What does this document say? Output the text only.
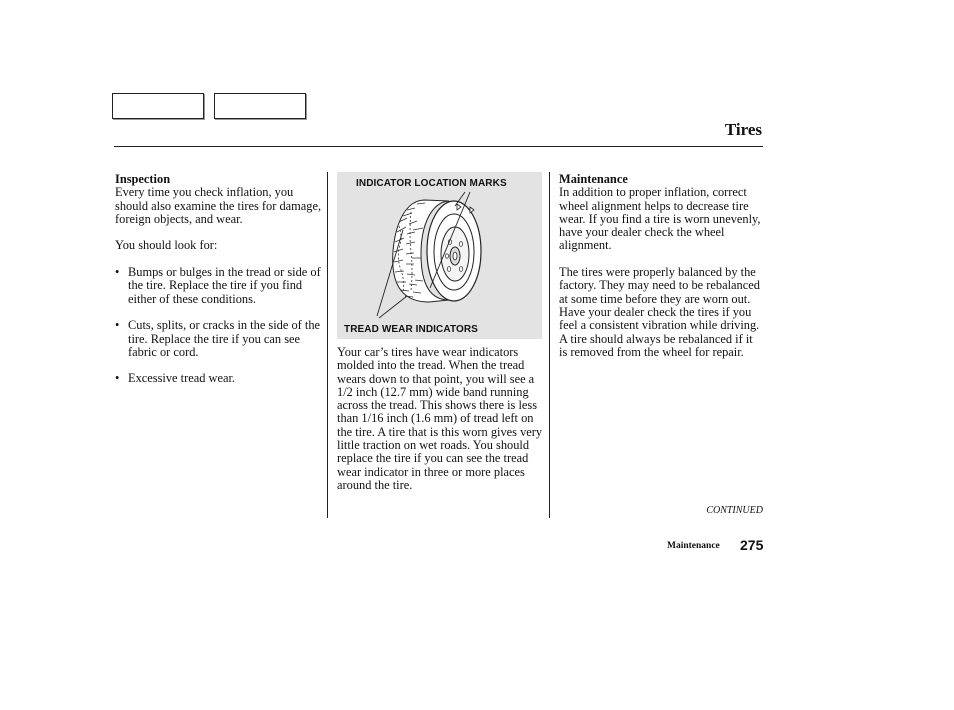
Tires

Inspection

Every time you check inflation, you should also examine the tires for damage, foreign objects, and wear.

You should look for:

• Bumps or bulges in the tread or side of the tire. Replace the tire if you find either of these conditions.
• Cuts, splits, or cracks in the side of the tire. Replace the tire if you can see fabric or cord.
• Excessive tread wear.
INDICATOR LOCATION MARKS
TREAD WEAR INDICATORS
Your car’s tires have wear indicators molded into the tread. When the tread wears down to that point, you will see a 1/2 inch (12.7 mm) wide band running across the tread. This shows there is less than 1/16 inch (1.6 mm) of tread left on the tire. A tire that is this worn gives very little traction on wet roads. You should replace the tire if you can see the tread wear indicator in three or more places around the tire.

Maintenance

In addition to proper inflation, correct wheel alignment helps to decrease tire wear. If you find a tire is worn unevenly, have your dealer check the wheel alignment.

The tires were properly balanced by the factory. They may need to be rebalanced at some time before they are worn out. Have your dealer check the tires if you feel a consistent vibration while driving. A tire should always be rebalanced if it is removed from the wheel for repair.

CONTINUED
Maintenance 275
